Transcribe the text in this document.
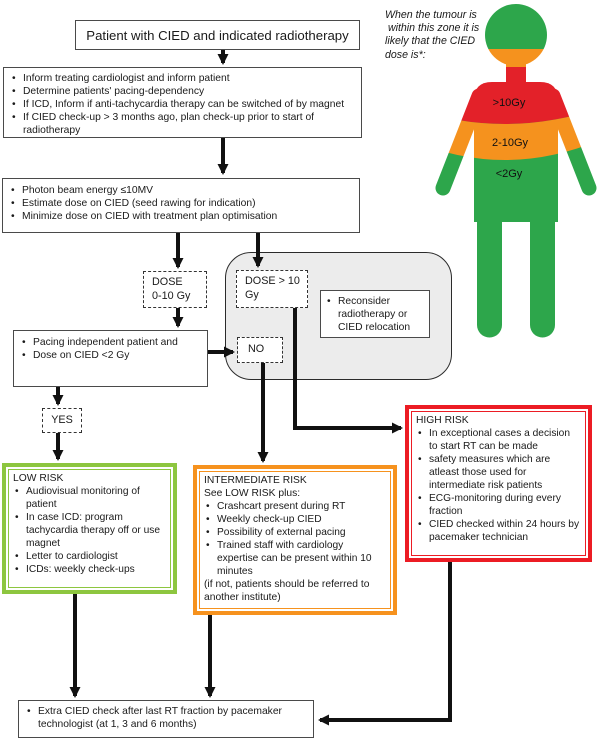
Patient with CIED and indicated radiotherapy
• Inform treating cardiologist and inform patient
• Determine patients' pacing-dependency
• If ICD, Inform if anti-tachycardia therapy can be switched of by magnet
• If CIED check-up > 3 months ago, plan check-up prior to start of radiotherapy
• Photon beam energy ≤10MV
• Estimate dose on CIED (seed rawing for indication)
• Minimize dose on CIED with treatment plan optimisation
DOSE
0-10 Gy
DOSE > 10
Gy
• Reconsider radiotherapy or CIED relocation
• Pacing independent patient and
• Dose on CIED <2 Gy
NO
YES
LOW RISK
• Audiovisual monitoring of patient
• In case ICD: program tachycardia therapy off or use magnet
• Letter to cardiologist
• ICDs: weekly check-ups
INTERMEDIATE RISK
See LOW RISK plus:
• Crashcart present during RT
• Weekly check-up CIED
• Possibility of external pacing
• Trained staff with cardiology expertise can be present within 10 minutes
(if not, patients should be referred to another institute)
HIGH RISK
• In exceptional cases a decision to start RT can be made
• safety measures which are atleast those used for intermediate risk patients
• ECG-monitoring during every fraction
• CIED checked within 24 hours by pacemaker technician
• Extra CIED check after last RT fraction by pacemaker technologist (at 1, 3 and 6 months)
>10Gy
2-10Gy
<2Gy
When the tumour is
within this zone it is
likely that the CIED
dose is*:
